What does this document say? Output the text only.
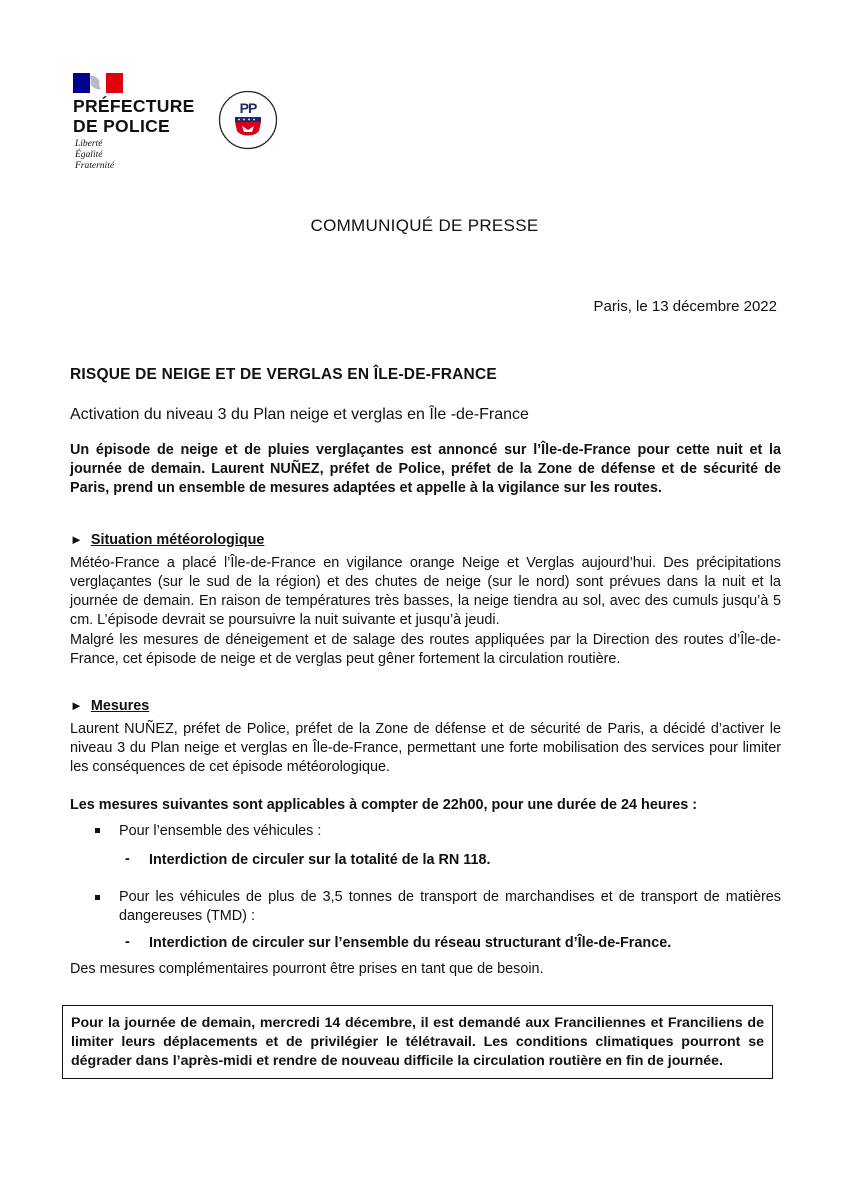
PRÉFECTURE
DE POLICE
Liberté
Égalité
Fraternité
PP
COMMUNIQUÉ DE PRESSE
Paris, le 13 décembre 2022
RISQUE DE NEIGE ET DE VERGLAS EN ÎLE-DE-FRANCE
Activation du niveau 3 du Plan neige et verglas en Île -de-France
Un épisode de neige et de pluies verglaçantes est annoncé sur l’Île-de-France pour cette nuit et la journée de demain. Laurent NUÑEZ, préfet de Police, préfet de la Zone de défense et de sécurité de Paris, prend un ensemble de mesures adaptées et appelle à la vigilance sur les routes.
► Situation météorologique
Météo-France a placé l’Île-de-France en vigilance orange Neige et Verglas aujourd’hui. Des précipitations verglaçantes (sur le sud de la région) et des chutes de neige (sur le nord) sont prévues dans la nuit et la journée de demain. En raison de températures très basses, la neige tiendra au sol, avec des cumuls jusqu’à 5 cm. L’épisode devrait se poursuivre la nuit suivante et jusqu’à jeudi.
Malgré les mesures de déneigement et de salage des routes appliquées par la Direction des routes d’Île-de-France, cet épisode de neige et de verglas peut gêner fortement la circulation routière.
► Mesures
Laurent NUÑEZ, préfet de Police, préfet de la Zone de défense et de sécurité de Paris, a décidé d’activer le niveau 3 du Plan neige et verglas en Île-de-France, permettant une forte mobilisation des services pour limiter les conséquences de cet épisode météorologique.
Les mesures suivantes sont applicables à compter de 22h00, pour une durée de 24 heures :
Pour l’ensemble des véhicules :
- Interdiction de circuler sur la totalité de la RN 118.
Pour les véhicules de plus de 3,5 tonnes de transport de marchandises et de transport de matières dangereuses (TMD) :
- Interdiction de circuler sur l’ensemble du réseau structurant d’Île-de-France.
Des mesures complémentaires pourront être prises en tant que de besoin.
Pour la journée de demain, mercredi 14 décembre, il est demandé aux Franciliennes et Franciliens de limiter leurs déplacements et de privilégier le télétravail. Les conditions climatiques pourront se dégrader dans l’après-midi et rendre de nouveau difficile la circulation routière en fin de journée.
